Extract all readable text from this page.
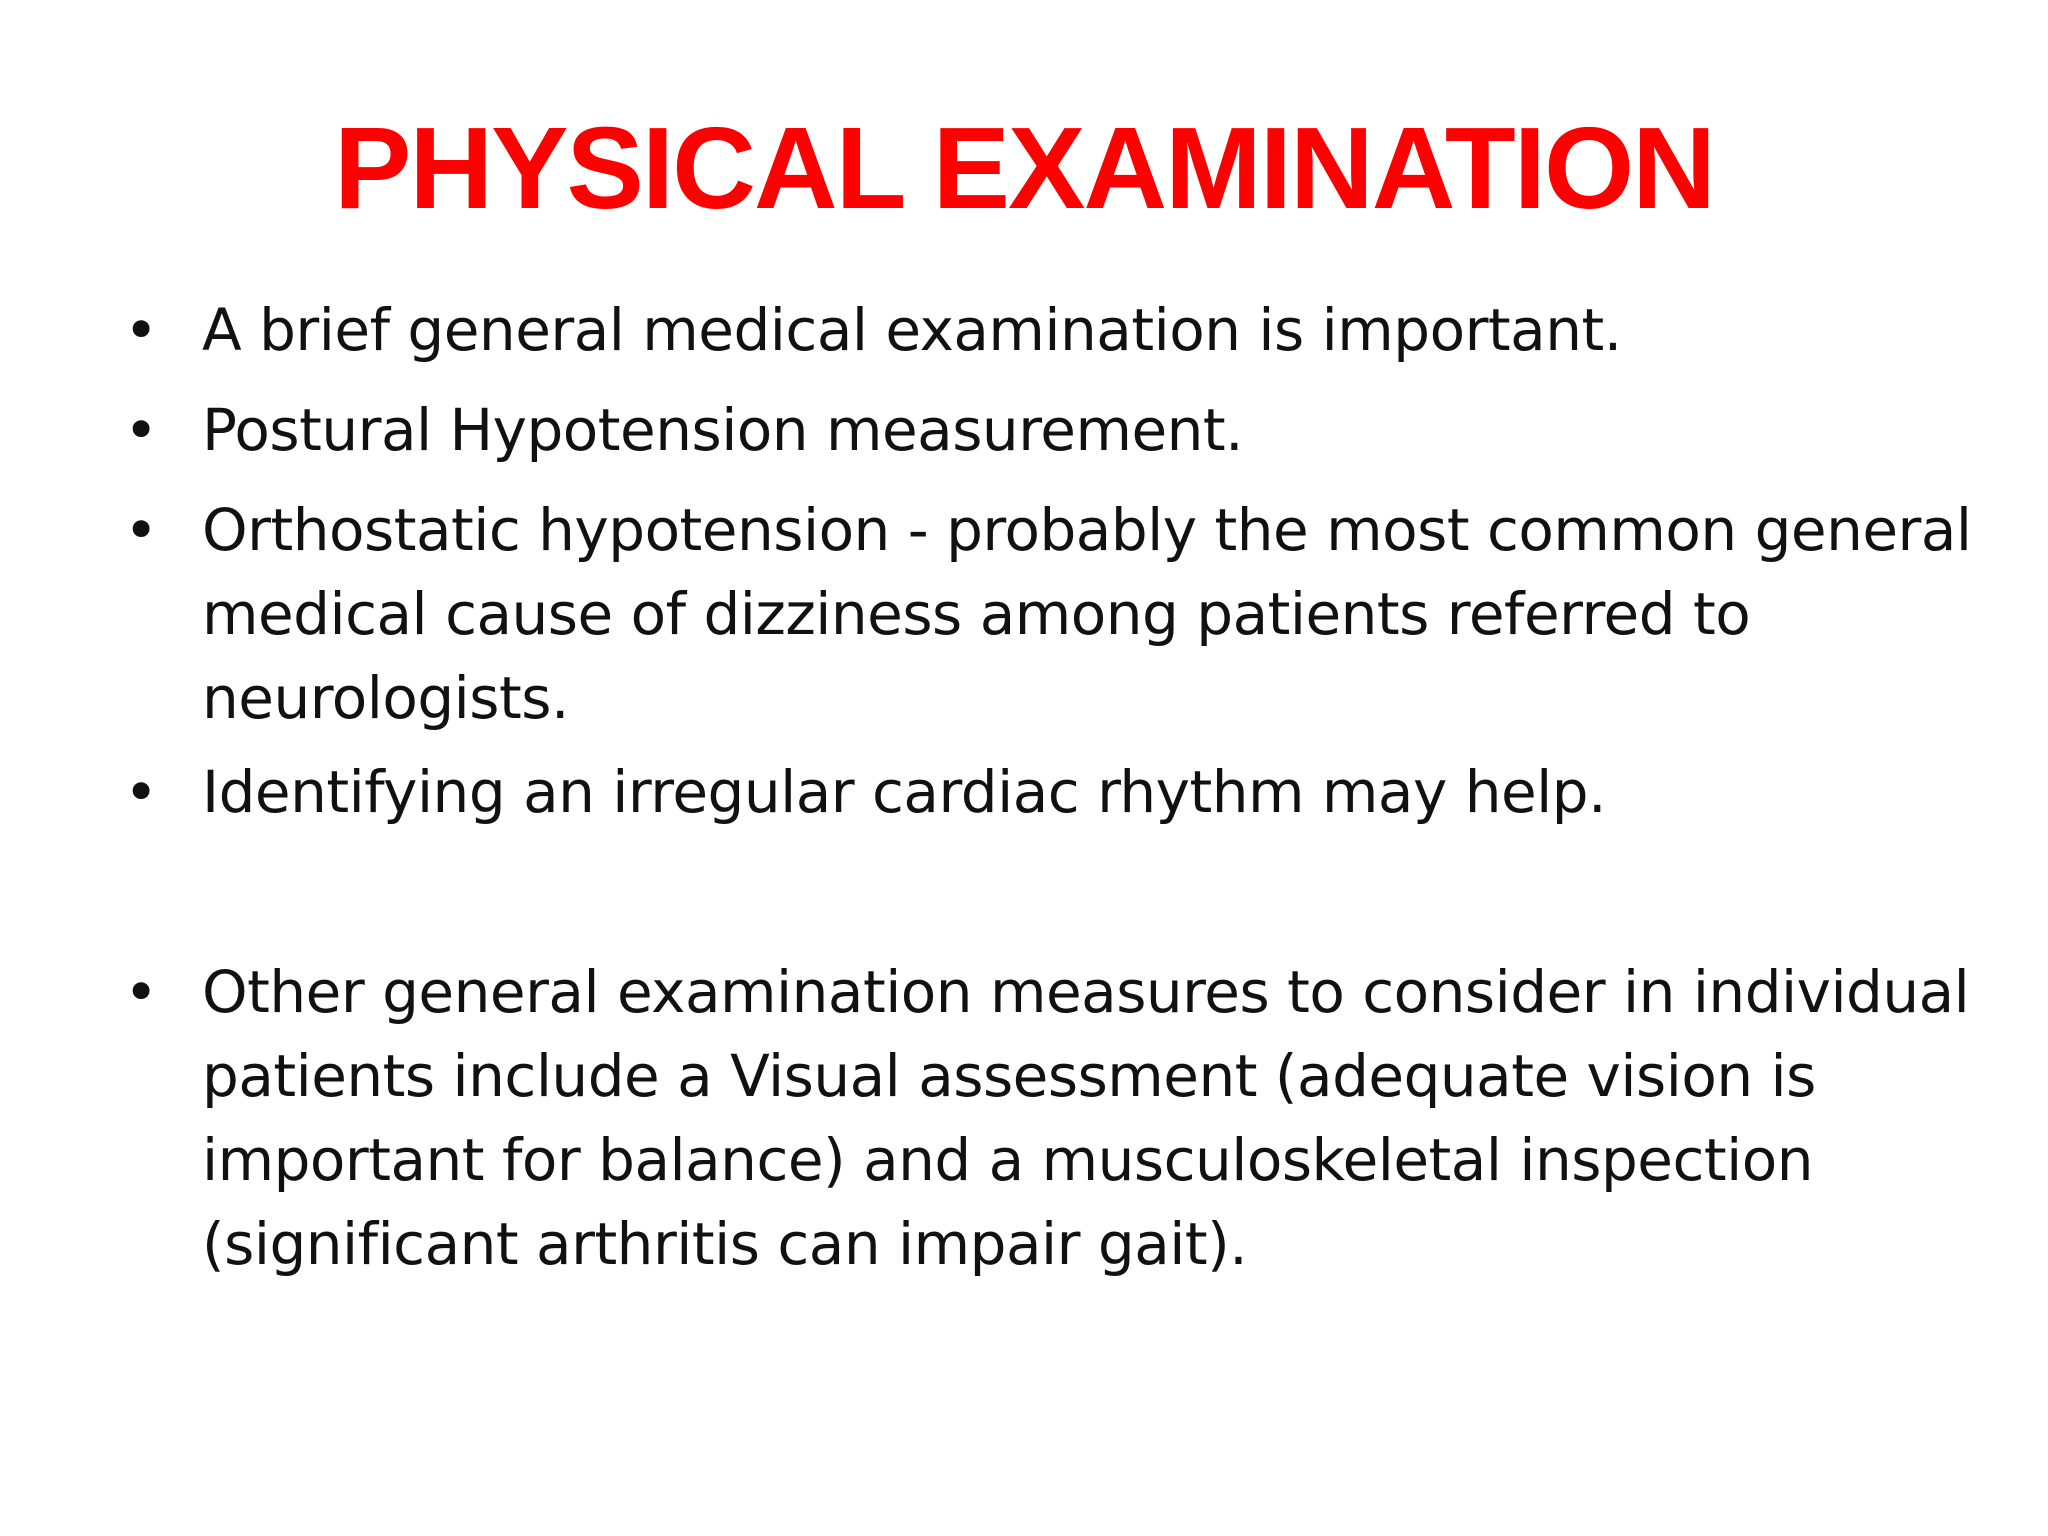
PHYSICAL EXAMINATION
• A brief general medical examination is important.
• Postural Hypotension measurement.
• Orthostatic hypotension - probably the most common general medical cause of dizziness among patients referred to neurologists.
• Identifying an irregular cardiac rhythm may help.
• Other general examination measures to consider in individual patients include a Visual assessment (adequate vision is important for balance) and a musculoskeletal inspection (significant arthritis can impair gait).
